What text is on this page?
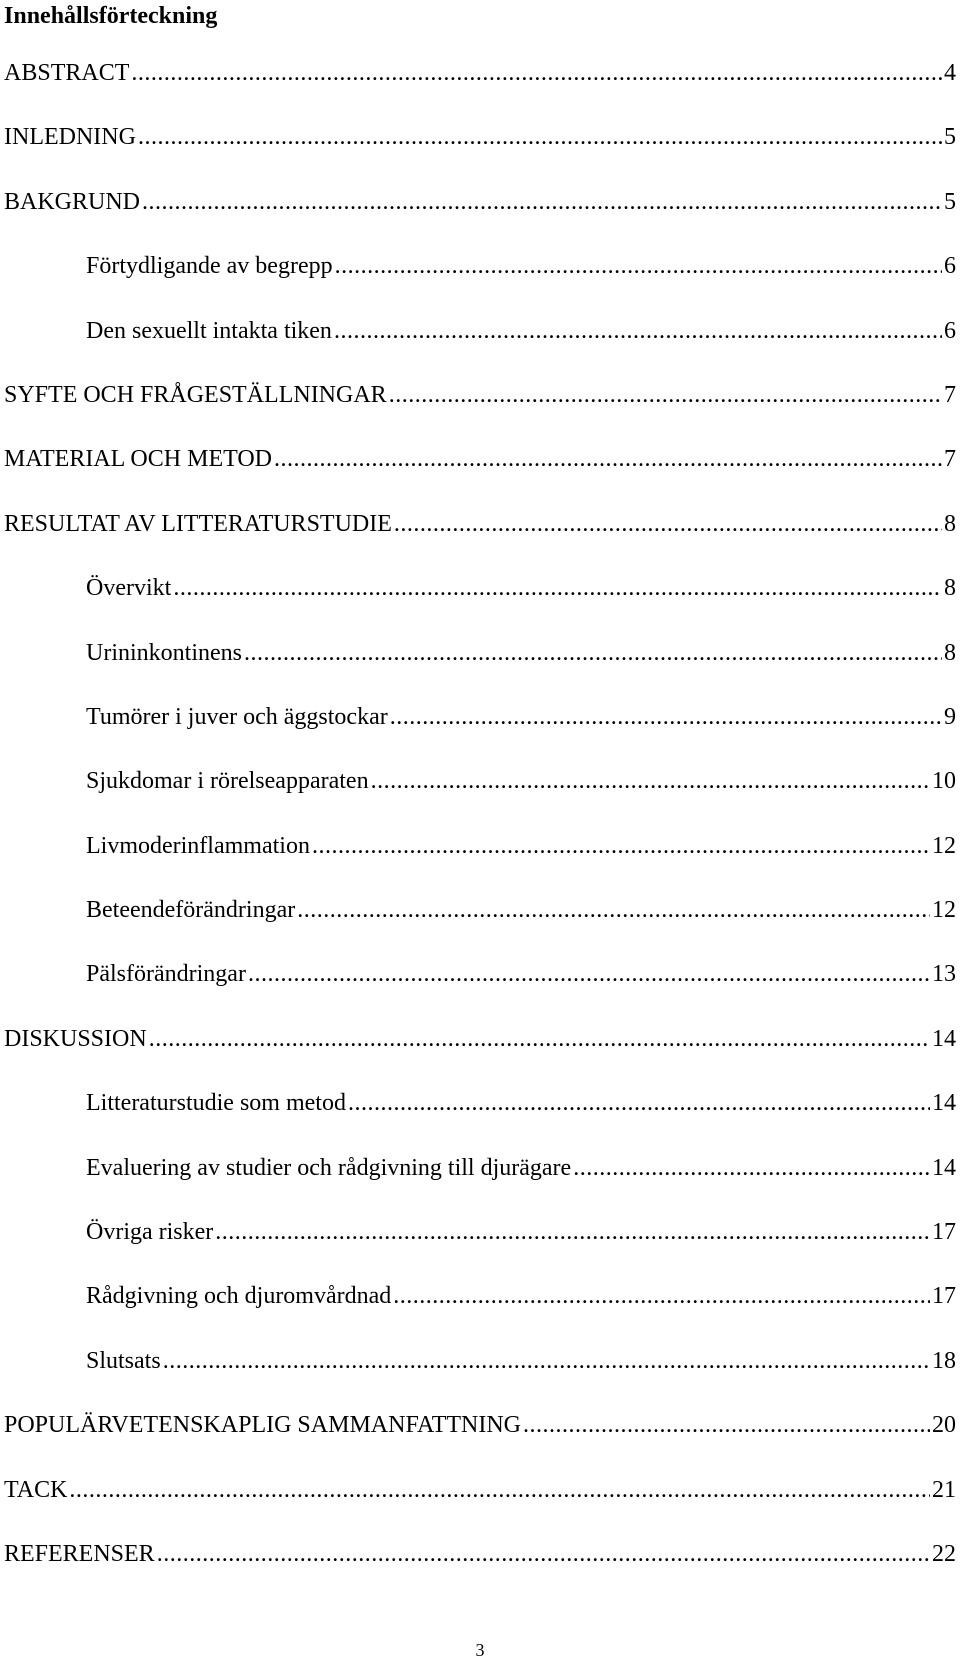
Innehållsförteckning
ABSTRACT .....	4
INLEDNING .....	5
BAKGRUND .....	5
Förtydligande av begrepp .....	6
Den sexuellt intakta tiken .....	6
SYFTE OCH FRÅGESTÄLLNINGAR .....	7
MATERIAL OCH METOD .....	7
RESULTAT AV LITTERATURSTUDIE .....	8
Övervikt .....	8
Urininkontinens .....	8
Tumörer i juver och äggstockar .....	9
Sjukdomar i rörelseapparaten .....	10
Livmoderinflammation .....	12
Beteendeförändringar .....	12
Pälsförändringar .....	13
DISKUSSION .....	14
Litteraturstudie som metod .....	14
Evaluering av studier och rådgivning till djurägare .....	14
Övriga risker .....	17
Rådgivning och djuromvårdnad .....	17
Slutsats .....	18
POPULÄRVETENSKAPLIG SAMMANFATTNING .....	20
TACK .....	21
REFERENSER .....	22
3
